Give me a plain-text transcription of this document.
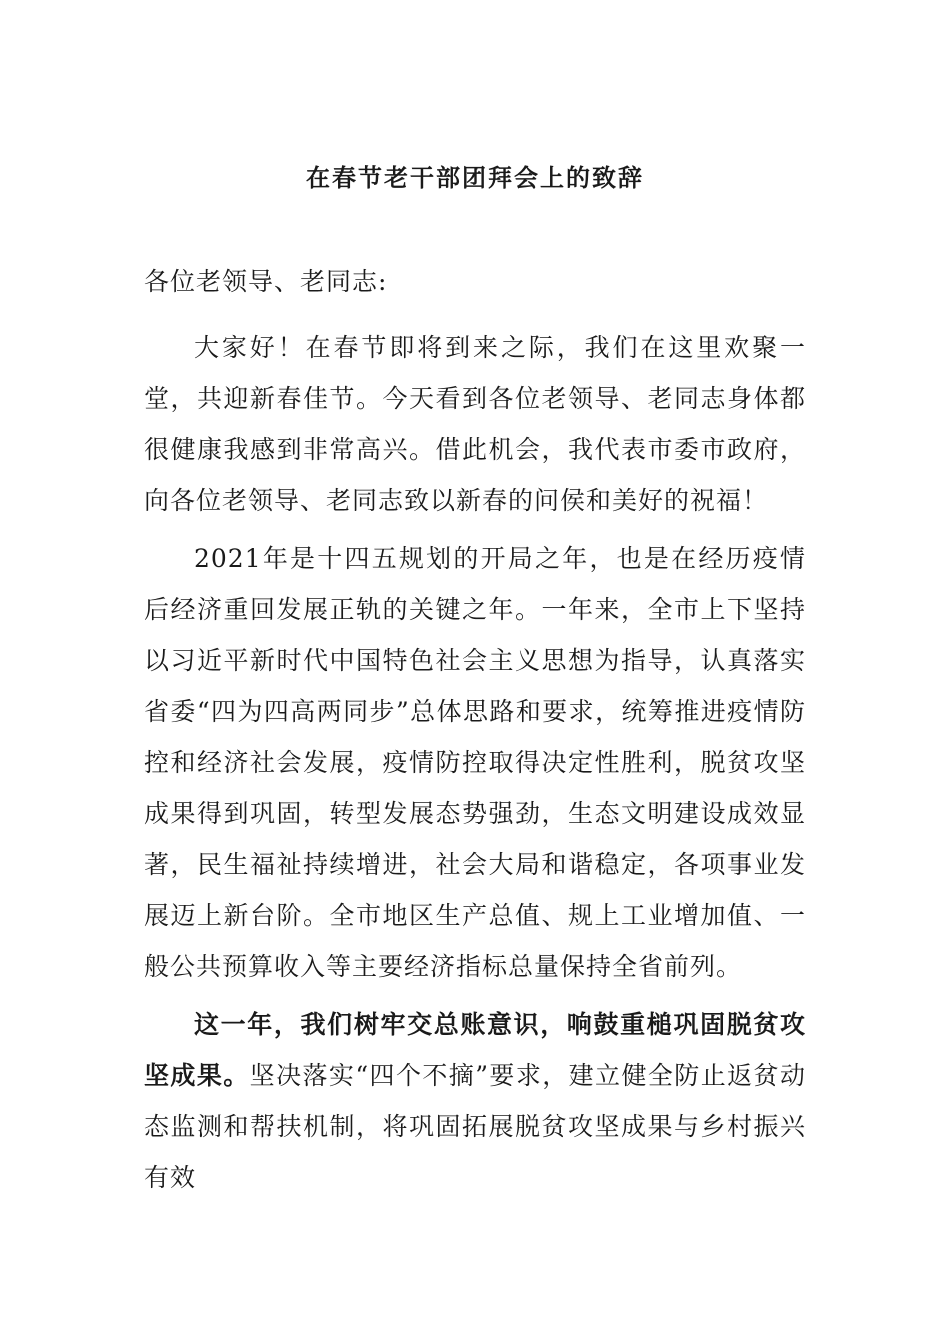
在春节老干部团拜会上的致辞
各位老领导、老同志:

大家好！在春节即将到来之际，我们在这里欢聚一堂，共迎新春佳节。今天看到各位老领导、老同志身体都很健康我感到非常高兴。借此机会，我代表市委市政府，向各位老领导、老同志致以新春的问侯和美好的祝福！

2021年是十四五规划的开局之年，也是在经历疫情后经济重回发展正轨的关键之年。一年来，全市上下坚持以习近平新时代中国特色社会主义思想为指导，认真落实省委“四为四高两同步”总体思路和要求，统筹推进疫情防控和经济社会发展，疫情防控取得决定性胜利，脱贫攻坚成果得到巩固，转型发展态势强劲，生态文明建设成效显著，民生福祉持续增进，社会大局和谐稳定，各项事业发展迈上新台阶。全市地区生产总值、规上工业增加值、一般公共预算收入等主要经济指标总量保持全省前列。

这一年，我们树牢交总账意识，响鼓重槌巩固脱贫攻坚成果。坚决落实“四个不摘”要求，建立健全防止返贫动态监测和帮扶机制，将巩固拓展脱贫攻坚成果与乡村振兴有效
